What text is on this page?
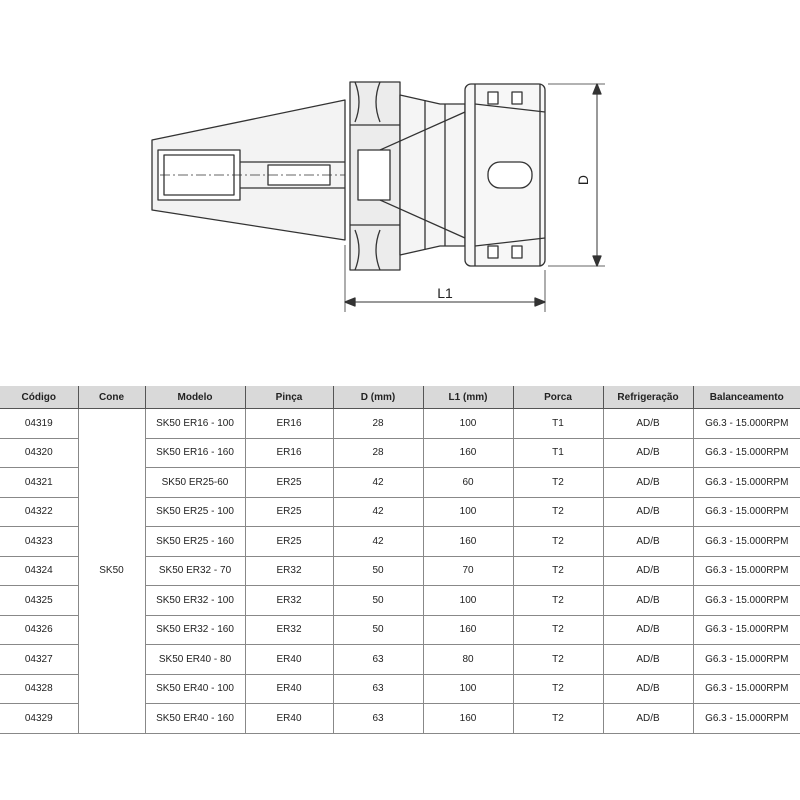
D
L1
Código	Cone	Modelo	Pinça	D (mm)	L1 (mm)	Porca	Refrigeração	Balanceamento
04319	SK50	SK50 ER16 - 100	ER16	28	100	T1	AD/B	G6.3 - 15.000RPM
04320		SK50 ER16 - 160	ER16	28	160	T1	AD/B	G6.3 - 15.000RPM
04321		SK50 ER25-60	ER25	42	60	T2	AD/B	G6.3 - 15.000RPM
04322		SK50 ER25 - 100	ER25	42	100	T2	AD/B	G6.3 - 15.000RPM
04323		SK50 ER25 - 160	ER25	42	160	T2	AD/B	G6.3 - 15.000RPM
04324		SK50 ER32 - 70	ER32	50	70	T2	AD/B	G6.3 - 15.000RPM
04325		SK50 ER32 - 100	ER32	50	100	T2	AD/B	G6.3 - 15.000RPM
04326		SK50 ER32 - 160	ER32	50	160	T2	AD/B	G6.3 - 15.000RPM
04327		SK50 ER40 - 80	ER40	63	80	T2	AD/B	G6.3 - 15.000RPM
04328		SK50 ER40 - 100	ER40	63	100	T2	AD/B	G6.3 - 15.000RPM
04329		SK50 ER40 - 160	ER40	63	160	T2	AD/B	G6.3 - 15.000RPM
